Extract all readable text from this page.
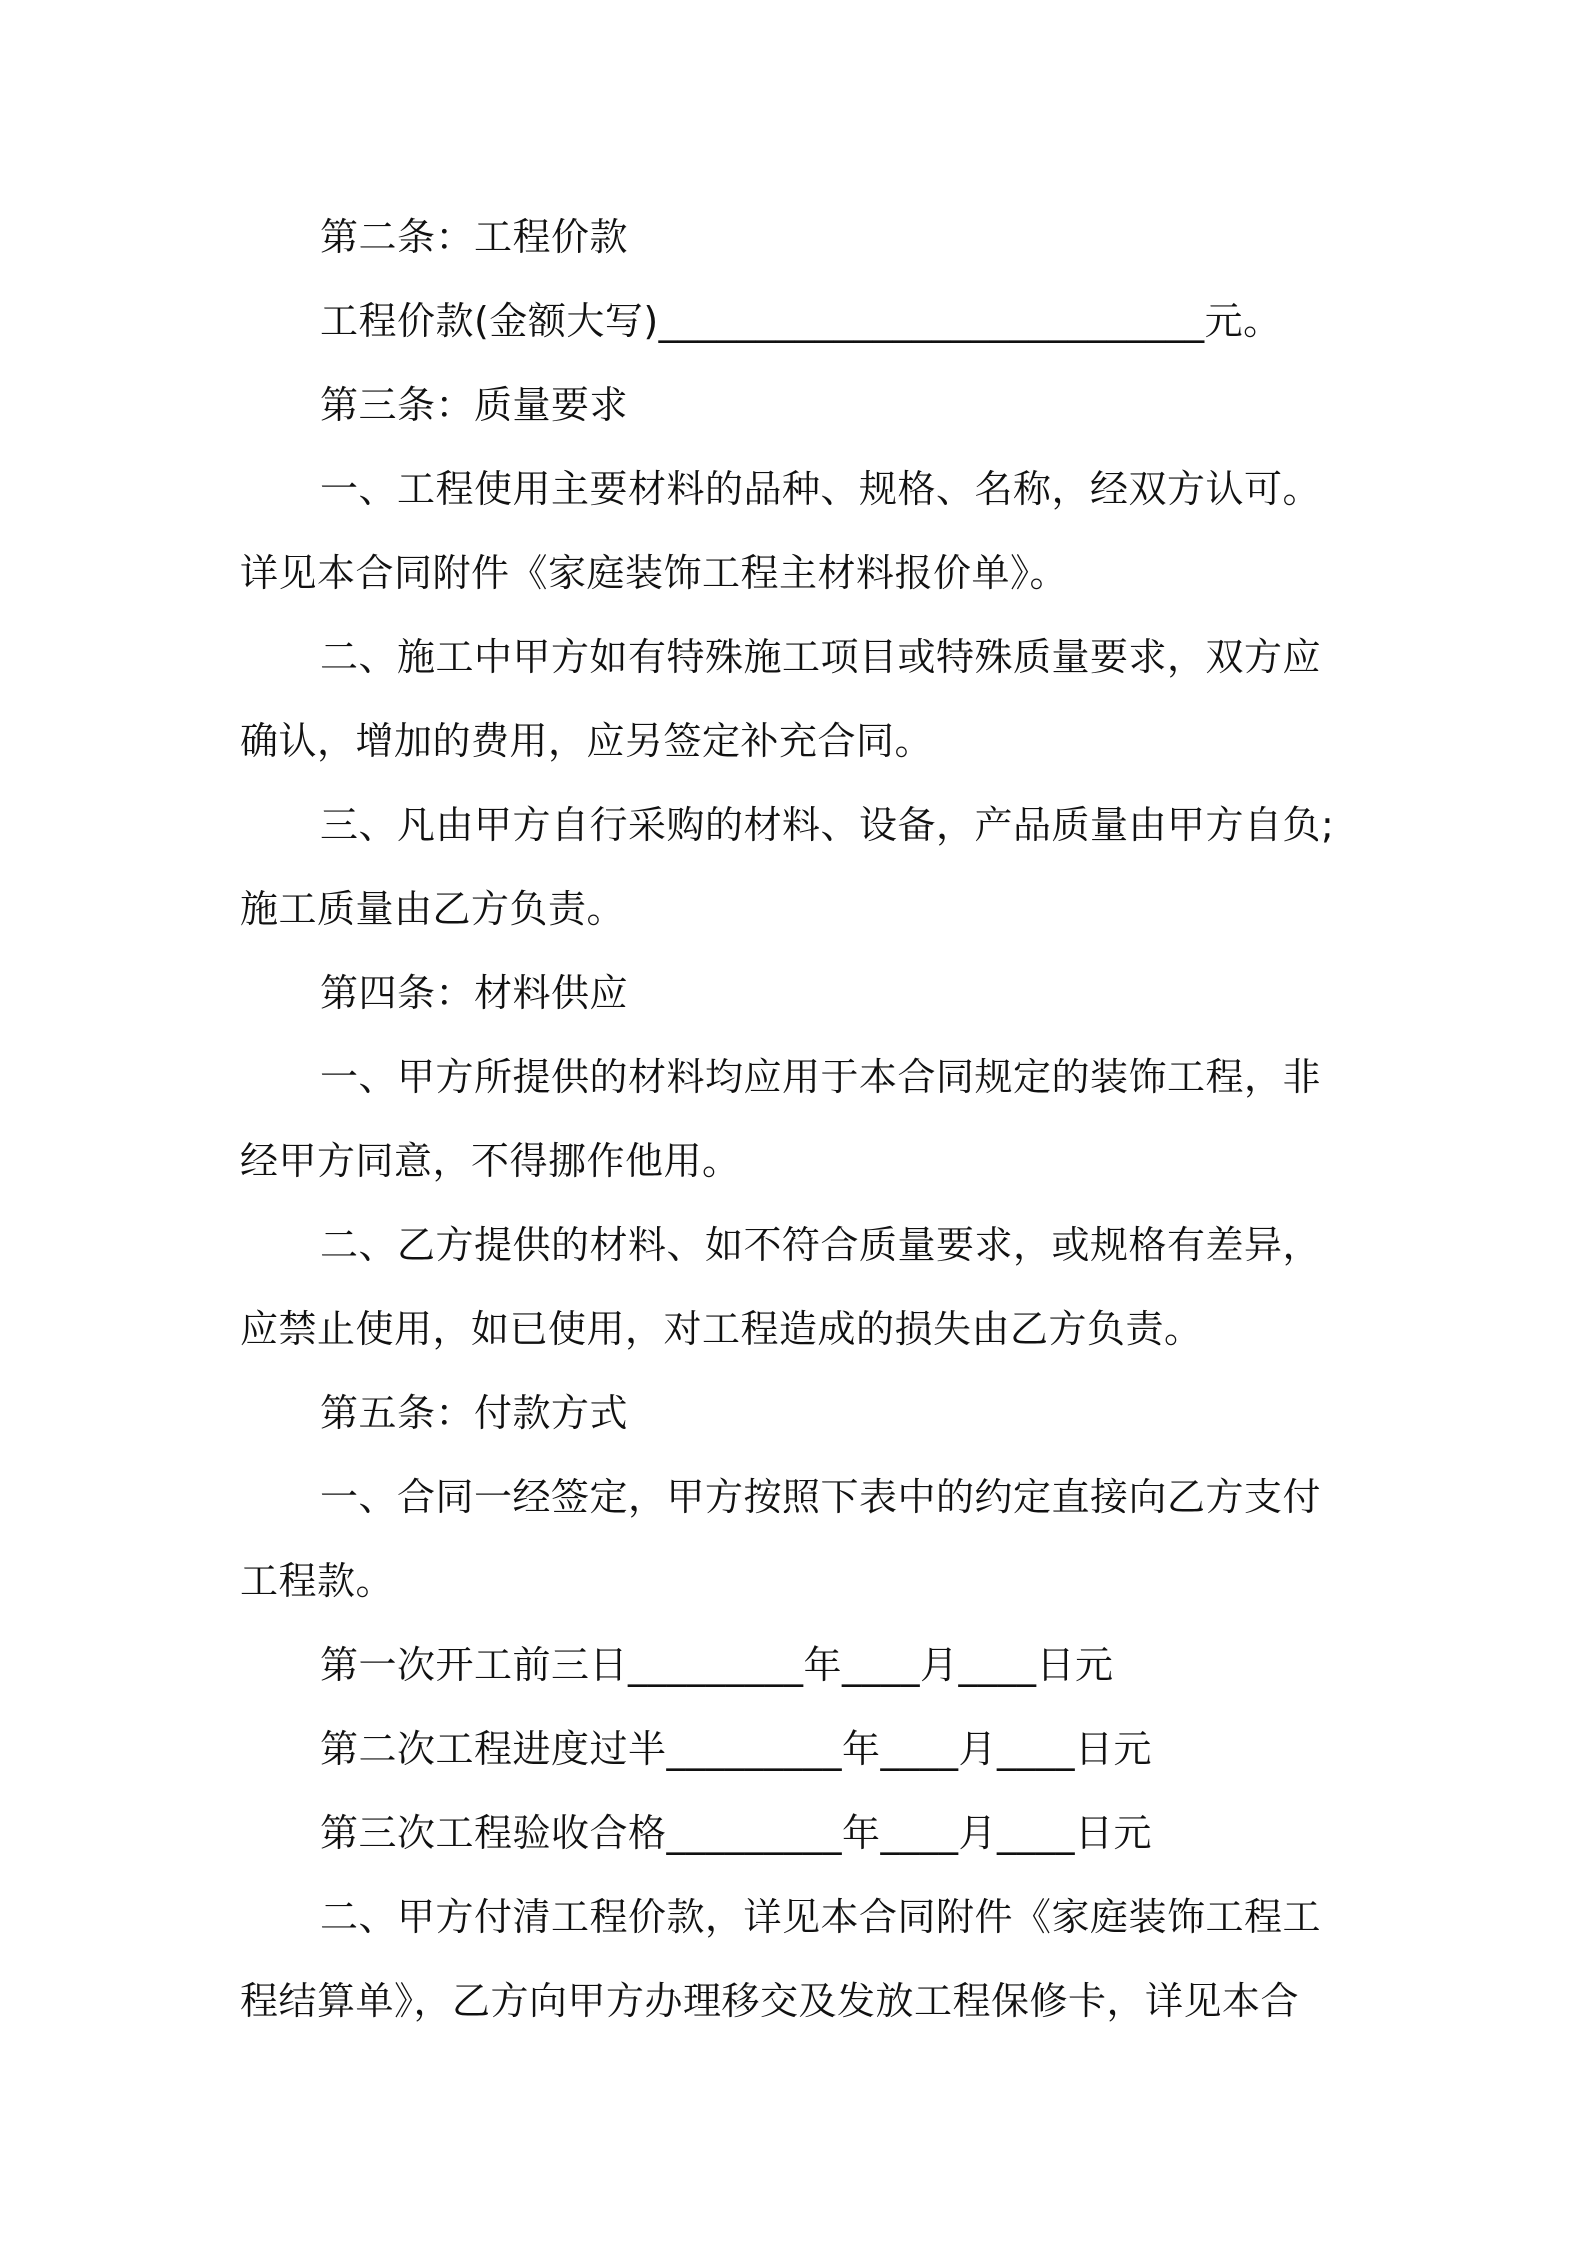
第二条：工程价款
工程价款(金额大写)____________________________元。
第三条：质量要求
一、工程使用主要材料的品种、规格、名称，经双方认可。
详见本合同附件《家庭装饰工程主材料报价单》。
二、施工中甲方如有特殊施工项目或特殊质量要求，双方应
确认，增加的费用，应另签定补充合同。
三、凡由甲方自行采购的材料、设备，产品质量由甲方自负;
施工质量由乙方负责。
第四条：材料供应
一、甲方所提供的材料均应用于本合同规定的装饰工程，非
经甲方同意，不得挪作他用。
二、乙方提供的材料、如不符合质量要求，或规格有差异，
应禁止使用，如已使用，对工程造成的损失由乙方负责。
第五条：付款方式
一、合同一经签定，甲方按照下表中的约定直接向乙方支付
工程款。
第一次开工前三日_________年____月____日元
第二次工程进度过半_________年____月____日元
第三次工程验收合格_________年____月____日元
二、甲方付清工程价款，详见本合同附件《家庭装饰工程工
程结算单》，乙方向甲方办理移交及发放工程保修卡，详见本合
